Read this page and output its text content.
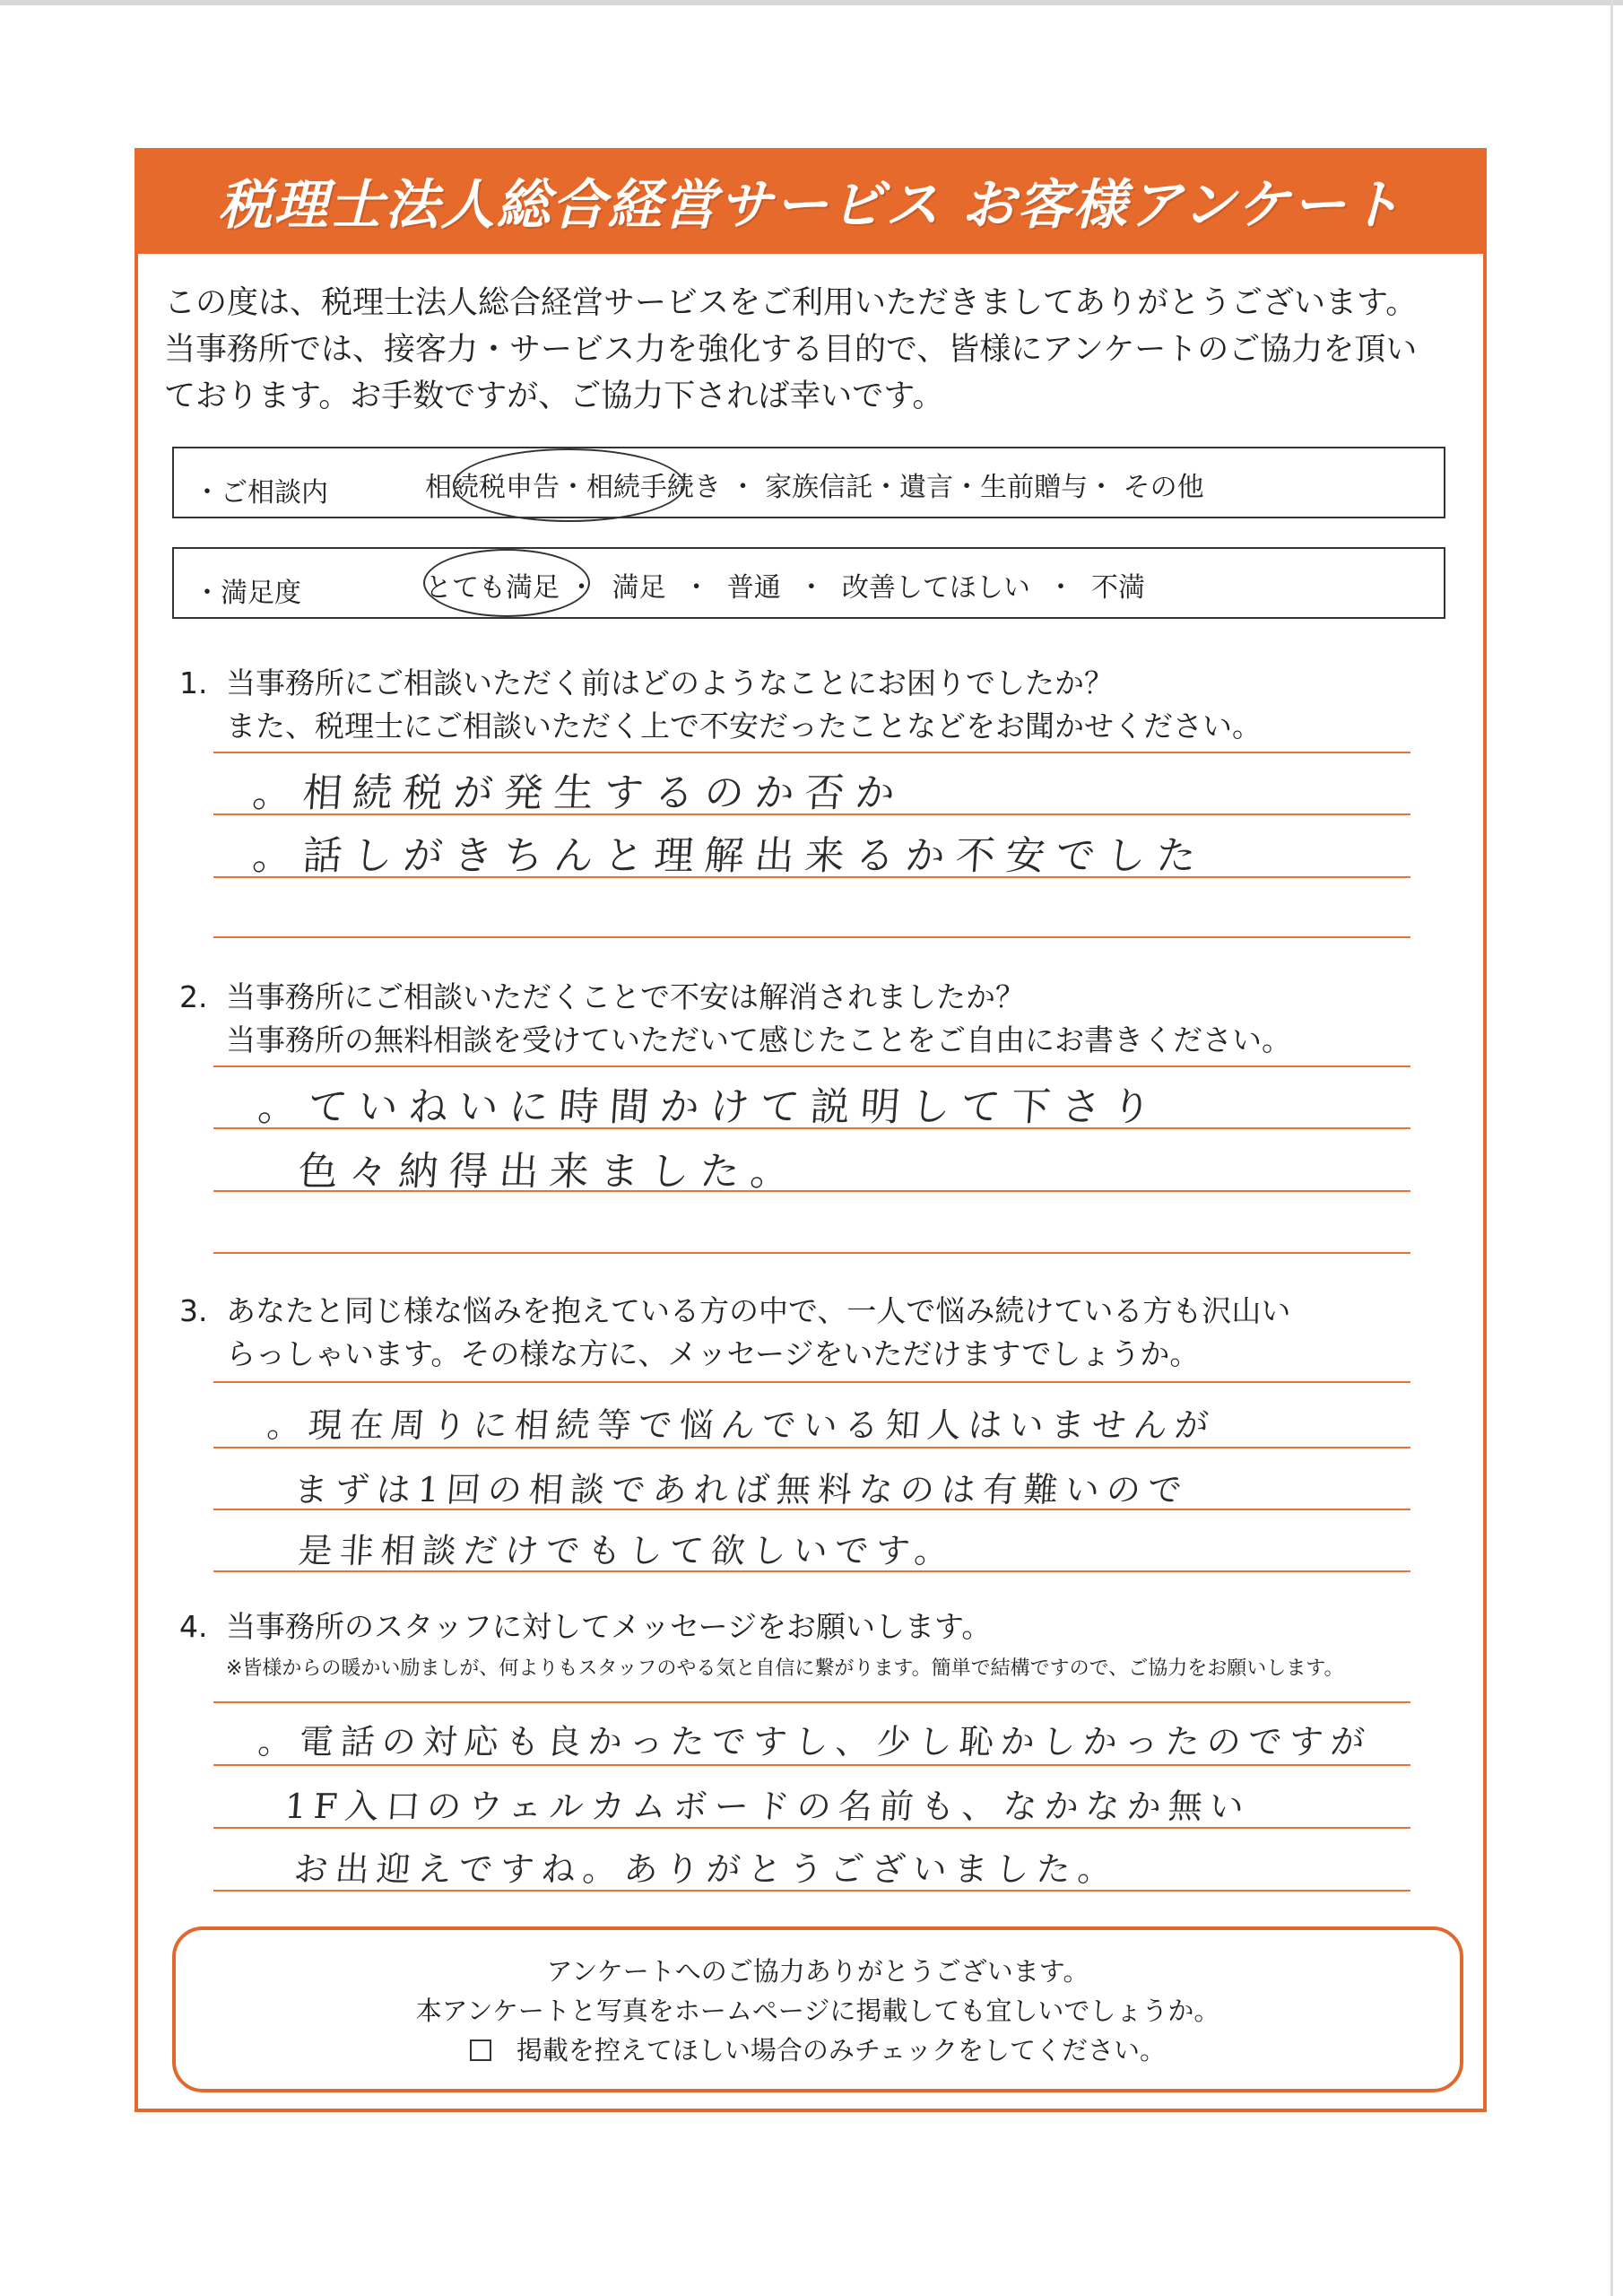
税理士法人総合経営サービス お客様アンケート

この度は、税理士法人総合経営サービスをご利用いただきましてありがとうございます。

当事務所では、接客力・サービス力を強化する目的で、皆様にアンケートのご協力を頂い

ております。お手数ですが、ご協力下されば幸いです。

・ご相談内	相続税申告・相続手続き ・ 家族信託・遺言・生前贈与・ その他
・満足度	とても満足 ・  満足  ・  普通  ・  改善してほしい  ・  不満
1. 当事務所にご相談いただく前はどのようなことにお困りでしたか？

また、税理士にご相談いただく上で不安だったことなどをお聞かせください。

。相続税が発生するのか否か
。話しがきちんと理解出来るか不安でした
2. 当事務所にご相談いただくことで不安は解消されましたか？

当事務所の無料相談を受けていただいて感じたことをご自由にお書きください。

。ていねいに時間かけて説明して下さり
色々納得出来ました。
3. あなたと同じ様な悩みを抱えている方の中で、一人で悩み続けている方も沢山い

らっしゃいます。その様な方に、メッセージをいただけますでしょうか。

。現在周りに相続等で悩んでいる知人はいませんが
まずは1回の相談であれば無料なのは有難いので
是非相談だけでもして欲しいです。
4. 当事務所のスタッフに対してメッセージをお願いします。

※皆様からの暖かい励ましが、何よりもスタッフのやる気と自信に繋がります。簡単で結構ですので、ご協力をお願いします。

。電話の対応も良かったですし、少し恥かしかったのですが
1F入口のウェルカムボードの名前も、なかなか無い
お出迎えですね。ありがとうございました。

アンケートへのご協力ありがとうございます。

本アンケートと写真をホームページに掲載しても宜しいでしょうか。

掲載を控えてほしい場合のみチェックをしてください。
